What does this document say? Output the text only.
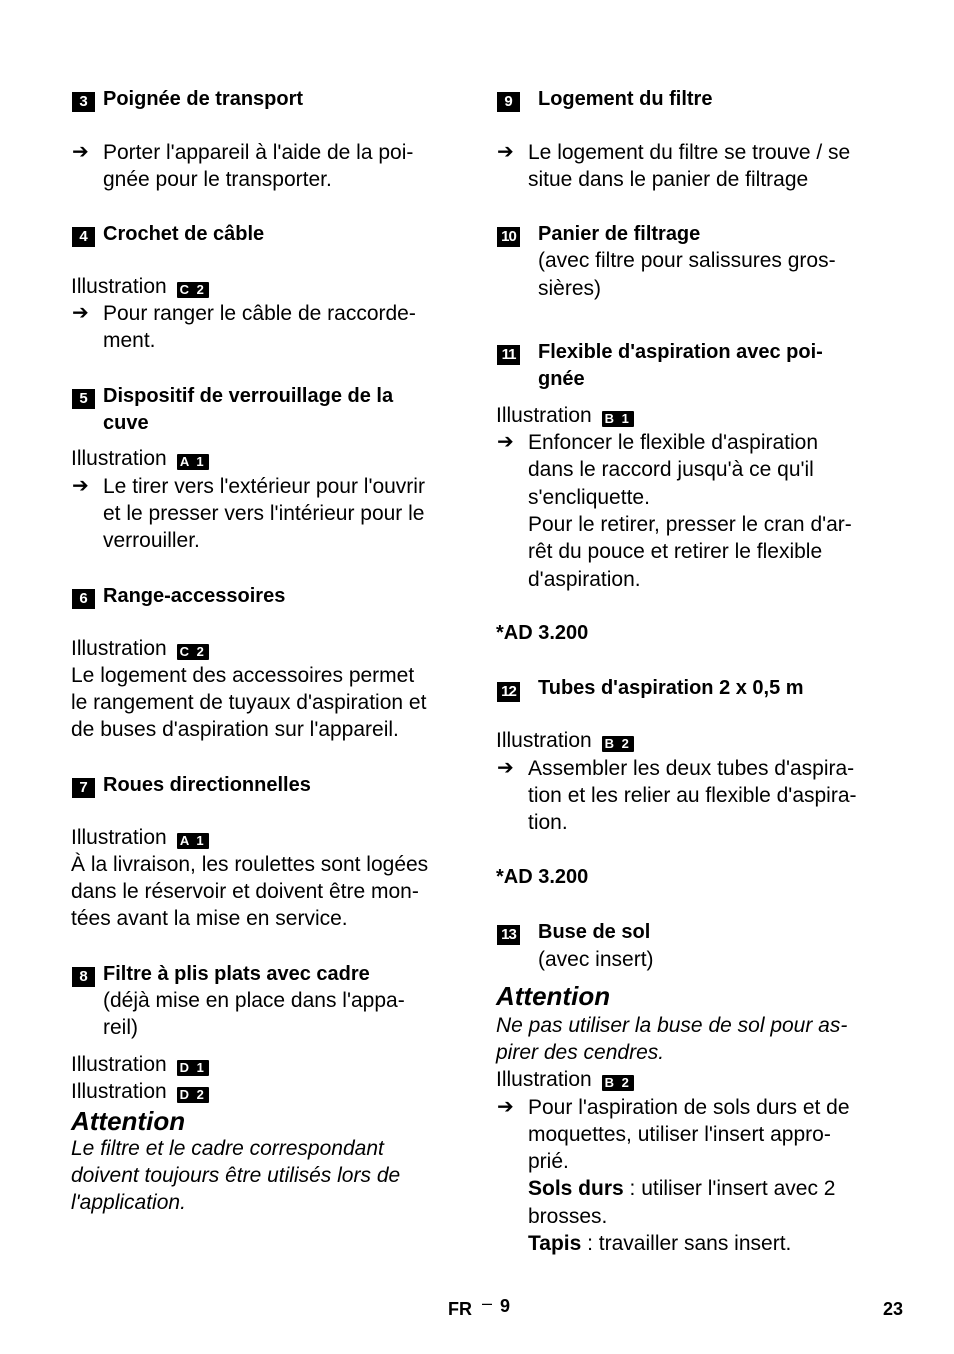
3 Poignée de transport
➔ Porter l'appareil à l'aide de la poi-
gnée pour le transporter.
4 Crochet de câble
Illustration C 2
➔ Pour ranger le câble de raccorde-
ment.
5 Dispositif de verrouillage de la
cuve
Illustration A 1
➔ Le tirer vers l'extérieur pour l'ouvrir
et le presser vers l'intérieur pour le
verrouiller.
6 Range-accessoires
Illustration C 2
Le logement des accessoires permet
le rangement de tuyaux d'aspiration et
de buses d'aspiration sur l'appareil.
7 Roues directionnelles
Illustration A 1
À la livraison, les roulettes sont logées
dans le réservoir et doivent être mon-
tées avant la mise en service.
8 Filtre à plis plats avec cadre
(déjà mise en place dans l'appa-
reil)
Illustration D 1
Illustration D 2
Attention
Le filtre et le cadre correspondant
doivent toujours être utilisés lors de
l'application.
9	Logement du filtre
➔ Le logement du filtre se trouve / se
situe dans le panier de filtrage
10 Panier de filtrage
(avec filtre pour salissures gros-
sières)
11 Flexible d'aspiration avec poi-
gnée
Illustration B 1
➔ Enfoncer le flexible d'aspiration
dans le raccord jusqu'à ce qu'il
s'encliquette.
Pour le retirer, presser le cran d'ar-
rêt du pouce et retirer le flexible
d'aspiration.
*AD 3.200
12 Tubes d'aspiration 2 x 0,5 m
Illustration B 2
➔ Assembler les deux tubes d'aspira-
tion et les relier au flexible d'aspira-
tion.
*AD 3.200
13 Buse de sol
(avec insert)
Attention
Ne pas utiliser la buse de sol pour as-
pirer des cendres.
Illustration B 2
➔ Pour l'aspiration de sols durs et de
moquettes, utiliser l'insert appro-
prié.
Sols durs : utiliser l'insert avec 2
brosses.
Tapis : travailler sans insert.
FR – 9	23
